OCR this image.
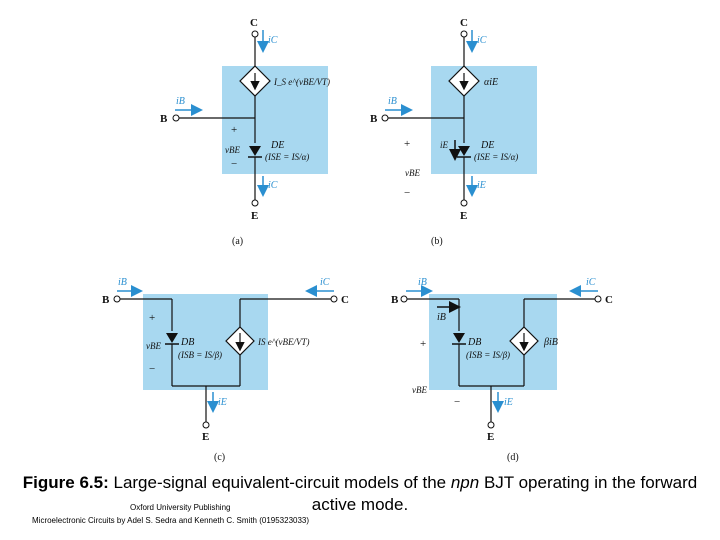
C
iC
I_S e^(vBE/VT)
B
iB
DE
(ISE = IS/α)
+
vBE
−
iC
E
(a)
C
iC
αiE
B
iB
DE
(ISE = IS/α)
iE
+
vBE
−
iE
E
(b)
B
iB
C
iC
DB
(ISB = IS/β)
IS e^(vBE/VT)
+
vBE
−
iE
E
(c)
B
iB
iB
C
iC
DB
(ISB = IS/β)
βiB
+
vBE
−	iE
E
(d)
Figure 6.5: Large-signal equivalent-circuit models of the npn BJT operating in the forward active mode.
Oxford University Publishing
Microelectronic Circuits by Adel S. Sedra and Kenneth C. Smith (0195323033)
